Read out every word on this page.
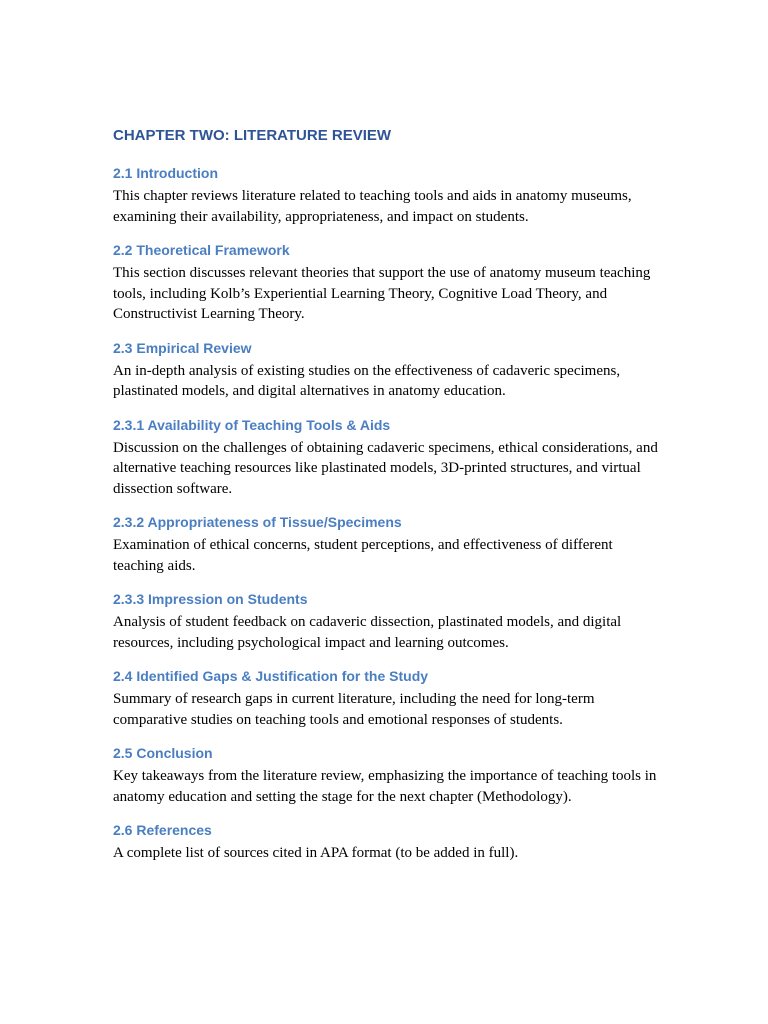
CHAPTER TWO: LITERATURE REVIEW
2.1 Introduction

This chapter reviews literature related to teaching tools and aids in anatomy museums, examining their availability, appropriateness, and impact on students.

2.2 Theoretical Framework

This section discusses relevant theories that support the use of anatomy museum teaching tools, including Kolb’s Experiential Learning Theory, Cognitive Load Theory, and Constructivist Learning Theory.

2.3 Empirical Review

An in-depth analysis of existing studies on the effectiveness of cadaveric specimens, plastinated models, and digital alternatives in anatomy education.

2.3.1 Availability of Teaching Tools & Aids

Discussion on the challenges of obtaining cadaveric specimens, ethical considerations, and alternative teaching resources like plastinated models, 3D-printed structures, and virtual dissection software.

2.3.2 Appropriateness of Tissue/Specimens

Examination of ethical concerns, student perceptions, and effectiveness of different teaching aids.

2.3.3 Impression on Students

Analysis of student feedback on cadaveric dissection, plastinated models, and digital resources, including psychological impact and learning outcomes.

2.4 Identified Gaps & Justification for the Study

Summary of research gaps in current literature, including the need for long-term comparative studies on teaching tools and emotional responses of students.

2.5 Conclusion

Key takeaways from the literature review, emphasizing the importance of teaching tools in anatomy education and setting the stage for the next chapter (Methodology).

2.6 References

A complete list of sources cited in APA format (to be added in full).
